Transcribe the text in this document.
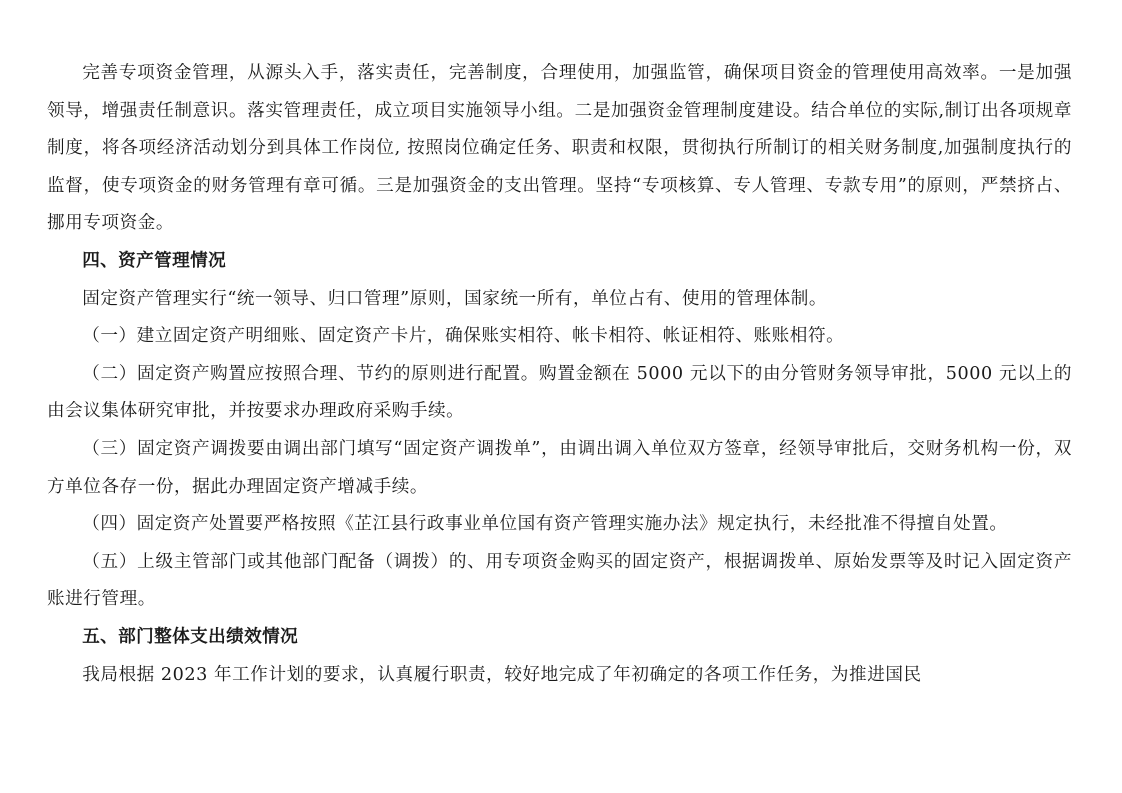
完善专项资金管理，从源头入手，落实责任，完善制度，合理使用，加强监管，确保项目资金的管理使用高效率。一是加强领导，增强责任制意识。落实管理责任，成立项目实施领导小组。二是加强资金管理制度建设。结合单位的实际,制订出各项规章制度，将各项经济活动划分到具体工作岗位, 按照岗位确定任务、职责和权限，贯彻执行所制订的相关财务制度,加强制度执行的监督，使专项资金的财务管理有章可循。三是加强资金的支出管理。坚持“专项核算、专人管理、专款专用”的原则，严禁挤占、挪用专项资金。

四、资产管理情况

固定资产管理实行“统一领导、归口管理”原则，国家统一所有，单位占有、使用的管理体制。

（一）建立固定资产明细账、固定资产卡片，确保账实相符、帐卡相符、帐证相符、账账相符。

（二）固定资产购置应按照合理、节约的原则进行配置。购置金额在 5000 元以下的由分管财务领导审批，5000 元以上的由会议集体研究审批，并按要求办理政府采购手续。

（三）固定资产调拨要由调出部门填写“固定资产调拨单”，由调出调入单位双方签章，经领导审批后，交财务机构一份，双方单位各存一份，据此办理固定资产增减手续。

（四）固定资产处置要严格按照《芷江县行政事业单位国有资产管理实施办法》规定执行，未经批准不得擅自处置。

（五）上级主管部门或其他部门配备（调拨）的、用专项资金购买的固定资产，根据调拨单、原始发票等及时记入固定资产账进行管理。

五、部门整体支出绩效情况

我局根据 2023 年工作计划的要求，认真履行职责，较好地完成了年初确定的各项工作任务，为推进国民
